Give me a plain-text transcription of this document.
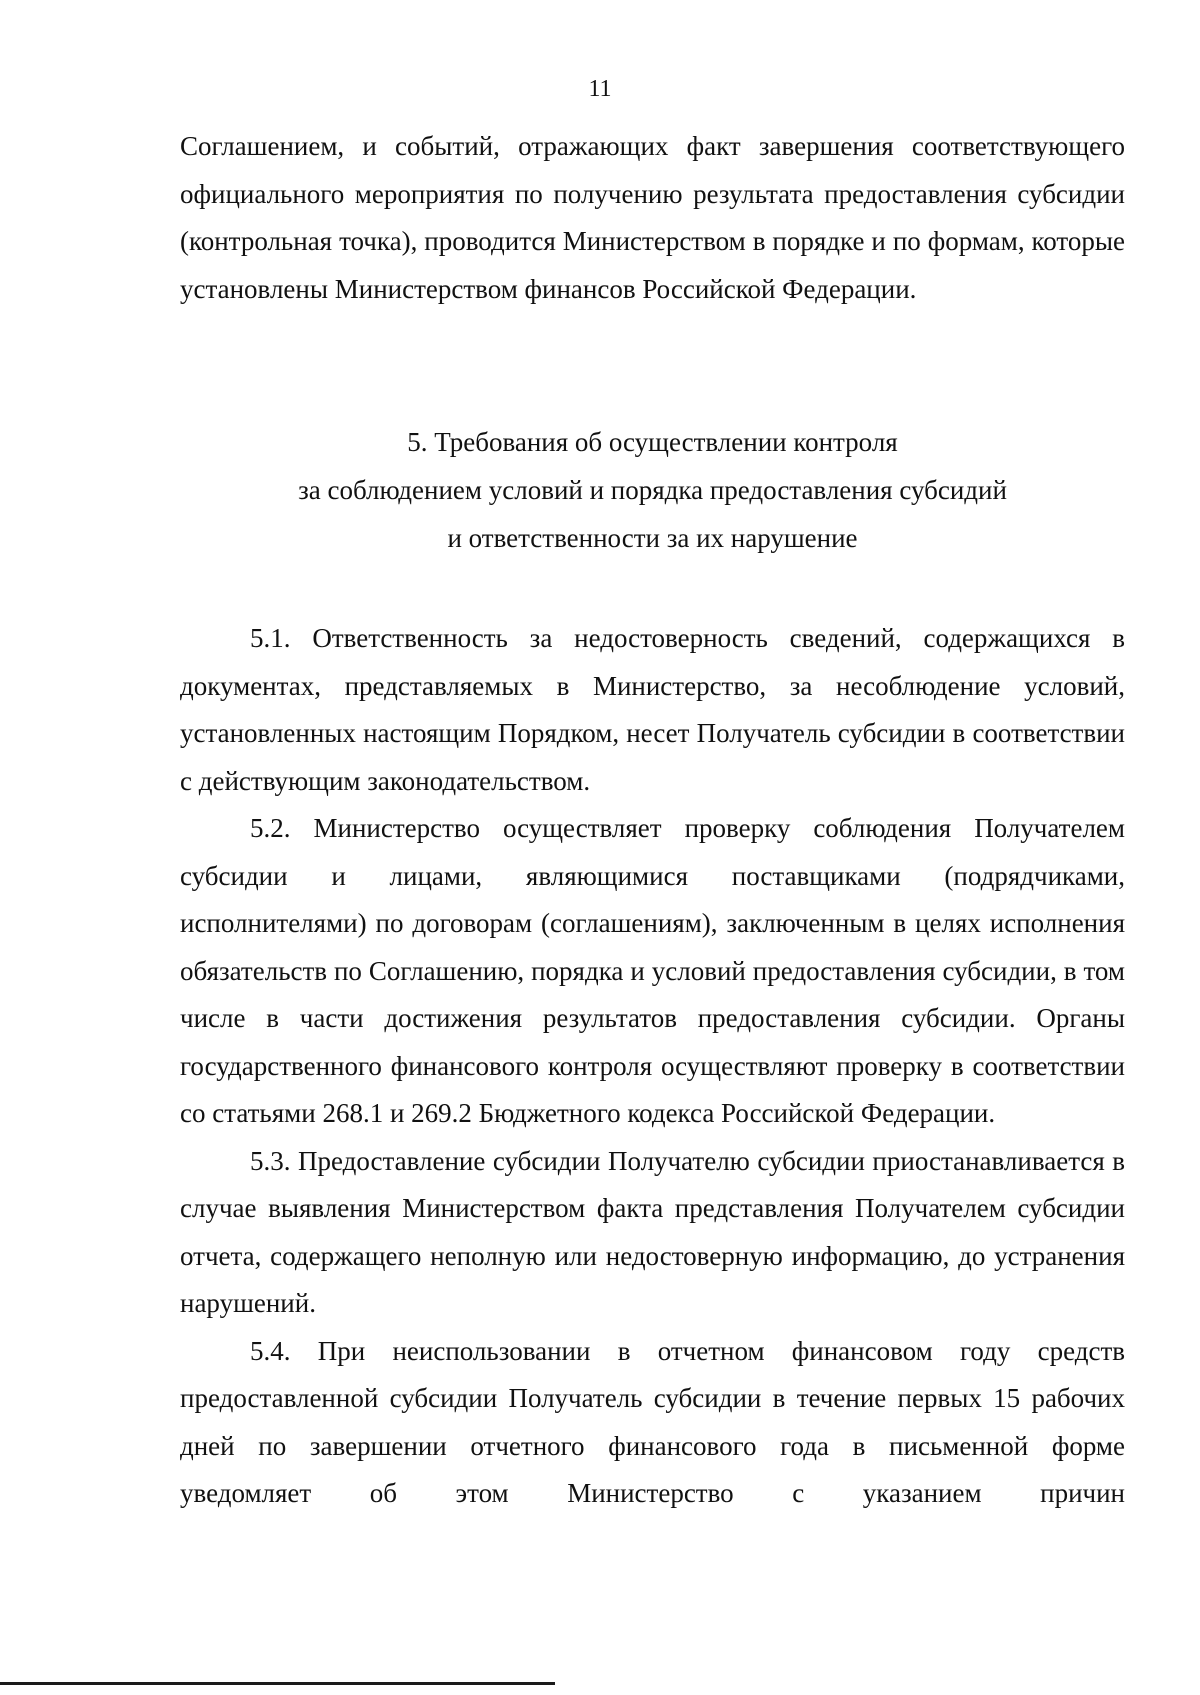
11

Соглашением, и событий, отражающих факт завершения соответствующего официального мероприятия по получению результата предоставления субсидии (контрольная точка), проводится Министерством в порядке и по формам, которые установлены Министерством финансов Российской Федерации.

5. Требования об осуществлении контроля
за соблюдением условий и порядка предоставления субсидий
и ответственности за их нарушение

5.1. Ответственность за недостоверность сведений, содержащихся в документах, представляемых в Министерство, за несоблюдение условий, установленных настоящим Порядком, несет Получатель субсидии в соответствии с действующим законодательством.

5.2. Министерство осуществляет проверку соблюдения Получателем субсидии и лицами, являющимися поставщиками (подрядчиками, исполнителями) по договорам (соглашениям), заключенным в целях исполнения обязательств по Соглашению, порядка и условий предоставления субсидии, в том числе в части достижения результатов предоставления субсидии. Органы государственного финансового контроля осуществляют проверку в соответствии со статьями 268.1 и 269.2 Бюджетного кодекса Российской Федерации.

5.3. Предоставление субсидии Получателю субсидии приостанавливается в случае выявления Министерством факта представления Получателем субсидии отчета, содержащего неполную или недостоверную информацию, до устранения нарушений.

5.4. При неиспользовании в отчетном финансовом году средств предоставленной субсидии Получатель субсидии в течение первых 15 рабочих дней по завершении отчетного финансового года в письменной форме уведомляет об этом Министерство с указанием причин
